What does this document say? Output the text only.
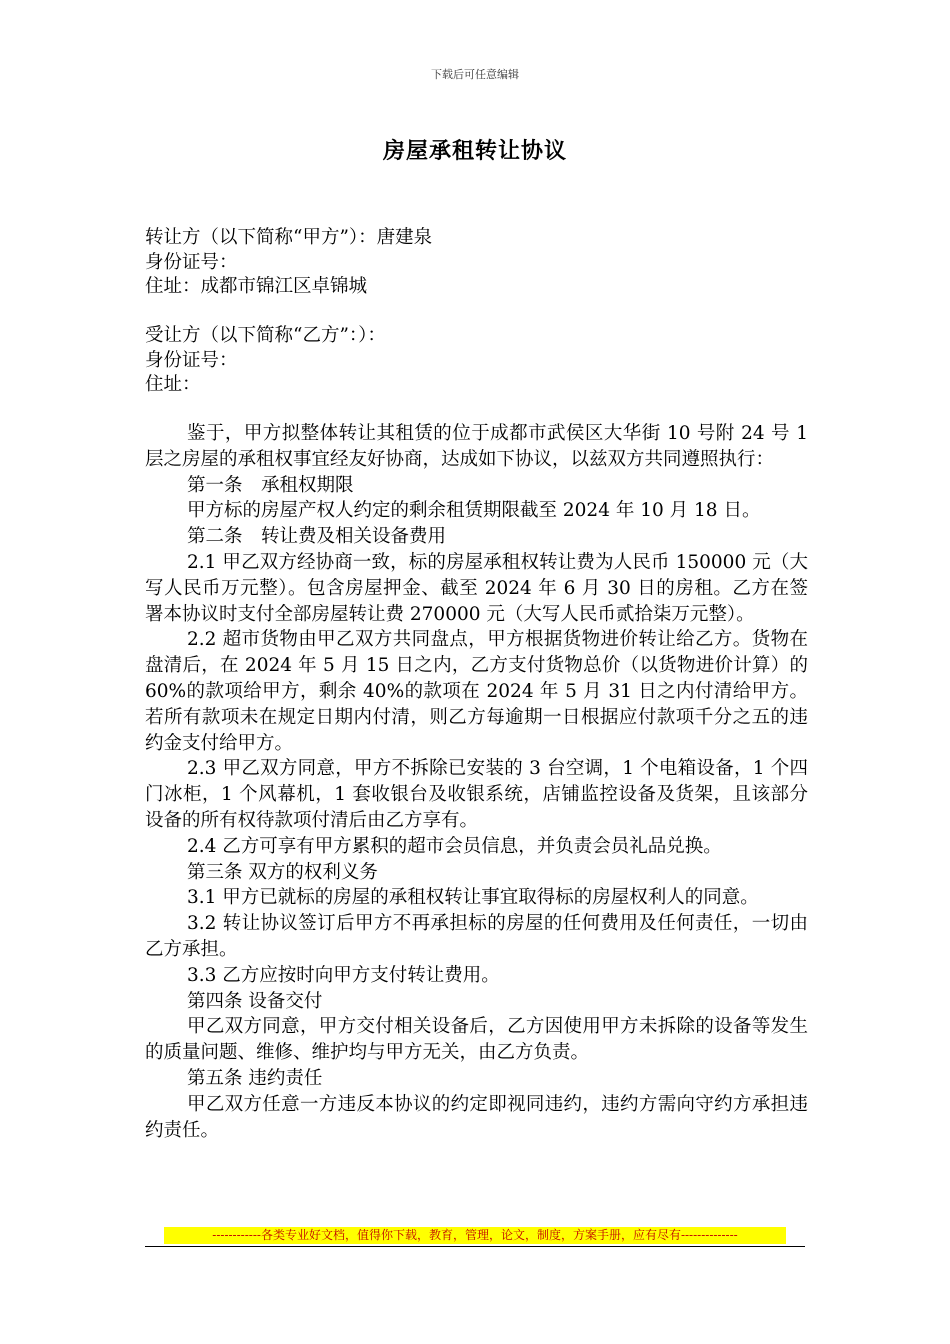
下载后可任意编辑
房屋承租转让协议
转让方（以下简称“甲方”）：唐建泉
身份证号：
住址：成都市锦江区卓锦城
受让方（以下简称“乙方”：）：
身份证号：
住址：

鉴于，甲方拟整体转让其租赁的位于成都市武侯区大华街 10 号附 24 号 1 层之房屋的承租权事宜经友好协商，达成如下协议，以兹双方共同遵照执行：

第一条　承租权期限

甲方标的房屋产权人约定的剩余租赁期限截至 2024 年 10 月 18 日。

第二条　转让费及相关设备费用

2.1 甲乙双方经协商一致，标的房屋承租权转让费为人民币 150000 元（大写人民币万元整）。包含房屋押金、截至 2024 年 6 月 30 日的房租。乙方在签署本协议时支付全部房屋转让费 270000 元（大写人民币贰拾柒万元整）。

2.2 超市货物由甲乙双方共同盘点，甲方根据货物进价转让给乙方。货物在盘清后，在 2024 年 5 月 15 日之内，乙方支付货物总价（以货物进价计算）的 60%的款项给甲方，剩余 40%的款项在 2024 年 5 月 31 日之内付清给甲方。若所有款项未在规定日期内付清，则乙方每逾期一日根据应付款项千分之五的违约金支付给甲方。

2.3 甲乙双方同意，甲方不拆除已安装的 3 台空调，1 个电箱设备，1 个四门冰柜，1 个风幕机，1 套收银台及收银系统，店铺监控设备及货架，且该部分设备的所有权待款项付清后由乙方享有。

2.4 乙方可享有甲方累积的超市会员信息，并负责会员礼品兑换。

第三条 双方的权利义务

3.1 甲方已就标的房屋的承租权转让事宜取得标的房屋权利人的同意。

3.2 转让协议签订后甲方不再承担标的房屋的任何费用及任何责任，一切由乙方承担。

3.3 乙方应按时向甲方支付转让费用。

第四条 设备交付

甲乙双方同意，甲方交付相关设备后，乙方因使用甲方未拆除的设备等发生的质量问题、维修、维护均与甲方无关，由乙方负责。

第五条 违约责任

甲乙双方任意一方违反本协议的约定即视同违约，违约方需向守约方承担违约责任。

------------各类专业好文档，值得你下载，教育，管理，论文，制度，方案手册，应有尽有--------------
